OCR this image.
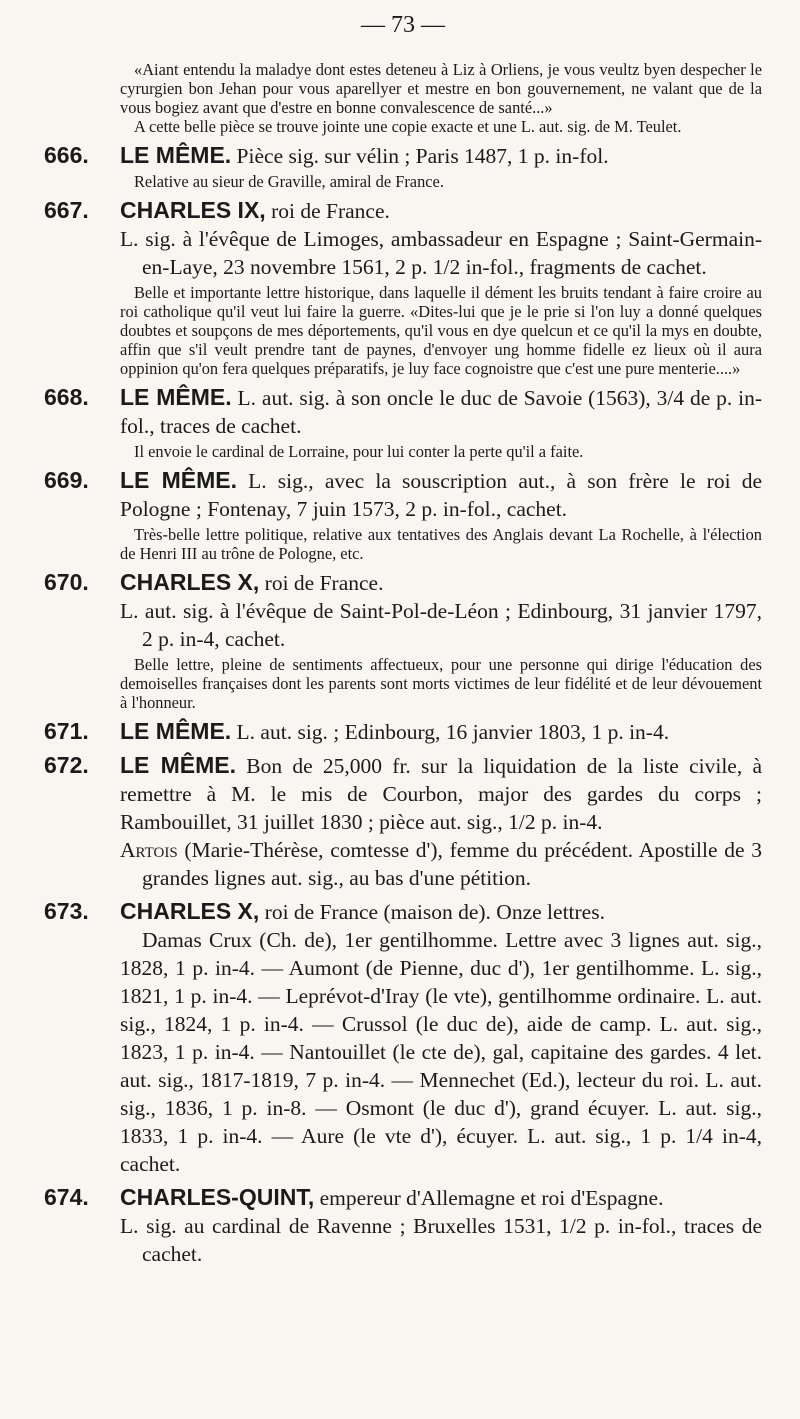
— 73 —

«Aiant entendu la maladye dont estes deteneu à Liz à Orliens, je vous veultz byen despecher le cyrurgien bon Jehan pour vous aparellyer et mestre en bon gouvernement, ne valant que de la vous bogiez avant que d'estre en bonne convalescence de santé...»

A cette belle pièce se trouve jointe une copie exacte et une L. aut. sig. de M. Teulet.

666. LE MÊME. Pièce sig. sur vélin ; Paris 1487, 1 p. in-fol.

Relative au sieur de Graville, amiral de France.

667. CHARLES IX, roi de France.

L. sig. à l'évêque de Limoges, ambassadeur en Espagne ; Saint-Germain-en-Laye, 23 novembre 1561, 2 p. 1/2 in-fol., fragments de cachet.

Belle et importante lettre historique, dans laquelle il dément les bruits tendant à faire croire au roi catholique qu'il veut lui faire la guerre. «Dites-lui que je le prie si l'on luy a donné quelques doubtes et soupçons de mes déportements, qu'il vous en dye quelcun et ce qu'il la mys en doubte, affin que s'il veult prendre tant de paynes, d'envoyer ung homme fidelle ez lieux où il aura oppinion qu'on fera quelques préparatifs, je luy face cognoistre que c'est une pure menterie....»

668. LE MÊME. L. aut. sig. à son oncle le duc de Savoie (1563), 3/4 de p. in-fol., traces de cachet.

Il envoie le cardinal de Lorraine, pour lui conter la perte qu'il a faite.

669. LE MÊME. L. sig., avec la souscription aut., à son frère le roi de Pologne ; Fontenay, 7 juin 1573, 2 p. in-fol., cachet.

Très-belle lettre politique, relative aux tentatives des Anglais devant La Rochelle, à l'élection de Henri III au trône de Pologne, etc.

670. CHARLES X, roi de France.

L. aut. sig. à l'évêque de Saint-Pol-de-Léon ; Edinbourg, 31 janvier 1797, 2 p. in-4, cachet.

Belle lettre, pleine de sentiments affectueux, pour une personne qui dirige l'éducation des demoiselles françaises dont les parents sont morts victimes de leur fidélité et de leur dévouement à l'honneur.

671. LE MÊME. L. aut. sig. ; Edinbourg, 16 janvier 1803, 1 p. in-4.

672. LE MÊME. Bon de 25,000 fr. sur la liquidation de la liste civile, à remettre à M. le mis de Courbon, major des gardes du corps ; Rambouillet, 31 juillet 1830 ; pièce aut. sig., 1/2 p. in-4.

Artois (Marie-Thérèse, comtesse d'), femme du précédent. Apostille de 3 grandes lignes aut. sig., au bas d'une pétition.

673. CHARLES X, roi de France (maison de). Onze lettres.

Damas Crux (Ch. de), 1er gentilhomme. Lettre avec 3 lignes aut. sig., 1828, 1 p. in-4. — Aumont (de Pienne, duc d'), 1er gentilhomme. L. sig., 1821, 1 p. in-4. — Leprévot-d'Iray (le vte), gentilhomme ordinaire. L. aut. sig., 1824, 1 p. in-4. — Crussol (le duc de), aide de camp. L. aut. sig., 1823, 1 p. in-4. — Nantouillet (le cte de), gal, capitaine des gardes. 4 let. aut. sig., 1817-1819, 7 p. in-4. — Mennechet (Ed.), lecteur du roi. L. aut. sig., 1836, 1 p. in-8. — Osmont (le duc d'), grand écuyer. L. aut. sig., 1833, 1 p. in-4. — Aure (le vte d'), écuyer. L. aut. sig., 1 p. 1/4 in-4, cachet.

674. CHARLES-QUINT, empereur d'Allemagne et roi d'Espagne.

L. sig. au cardinal de Ravenne ; Bruxelles 1531, 1/2 p. in-fol., traces de cachet.
